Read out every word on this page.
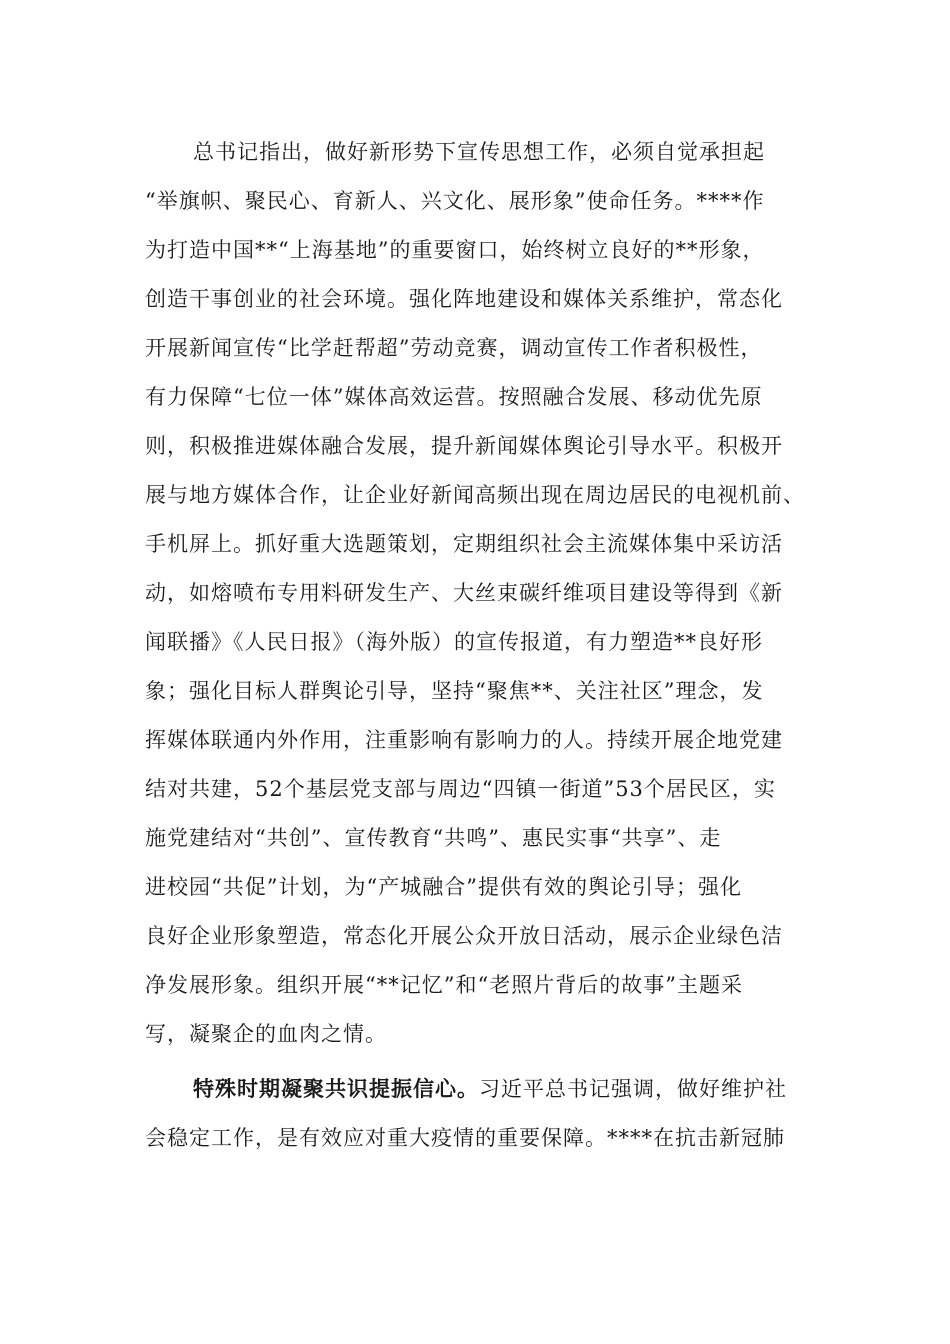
总书记指出，做好新形势下宣传思想工作，必须自觉承担起
“举旗帜、聚民心、育新人、兴文化、展形象”使命任务。****作
为打造中国**“上海基地”的重要窗口，始终树立良好的**形象，
创造干事创业的社会环境。强化阵地建设和媒体关系维护，常态化
开展新闻宣传“比学赶帮超”劳动竞赛，调动宣传工作者积极性，
有力保障“七位一体”媒体高效运营。按照融合发展、移动优先原
则，积极推进媒体融合发展，提升新闻媒体舆论引导水平。积极开
展与地方媒体合作，让企业好新闻高频出现在周边居民的电视机前、
手机屏上。抓好重大选题策划，定期组织社会主流媒体集中采访活
动，如熔喷布专用料研发生产、大丝束碳纤维项目建设等得到《新
闻联播》《人民日报》（海外版）的宣传报道，有力塑造**良好形
象；强化目标人群舆论引导，坚持“聚焦**、关注社区”理念，发
挥媒体联通内外作用，注重影响有影响力的人。持续开展企地党建
结对共建，52个基层党支部与周边“四镇一街道”53个居民区，实
施党建结对“共创”、宣传教育“共鸣”、惠民实事“共享”、走
进校园“共促”计划，为“产城融合”提供有效的舆论引导；强化
良好企业形象塑造，常态化开展公众开放日活动，展示企业绿色洁
净发展形象。组织开展“**记忆”和“老照片背后的故事”主题采
写，凝聚企的血肉之情。
特殊时期凝聚共识提振信心。习近平总书记强调，做好维护社
会稳定工作，是有效应对重大疫情的重要保障。****在抗击新冠肺
